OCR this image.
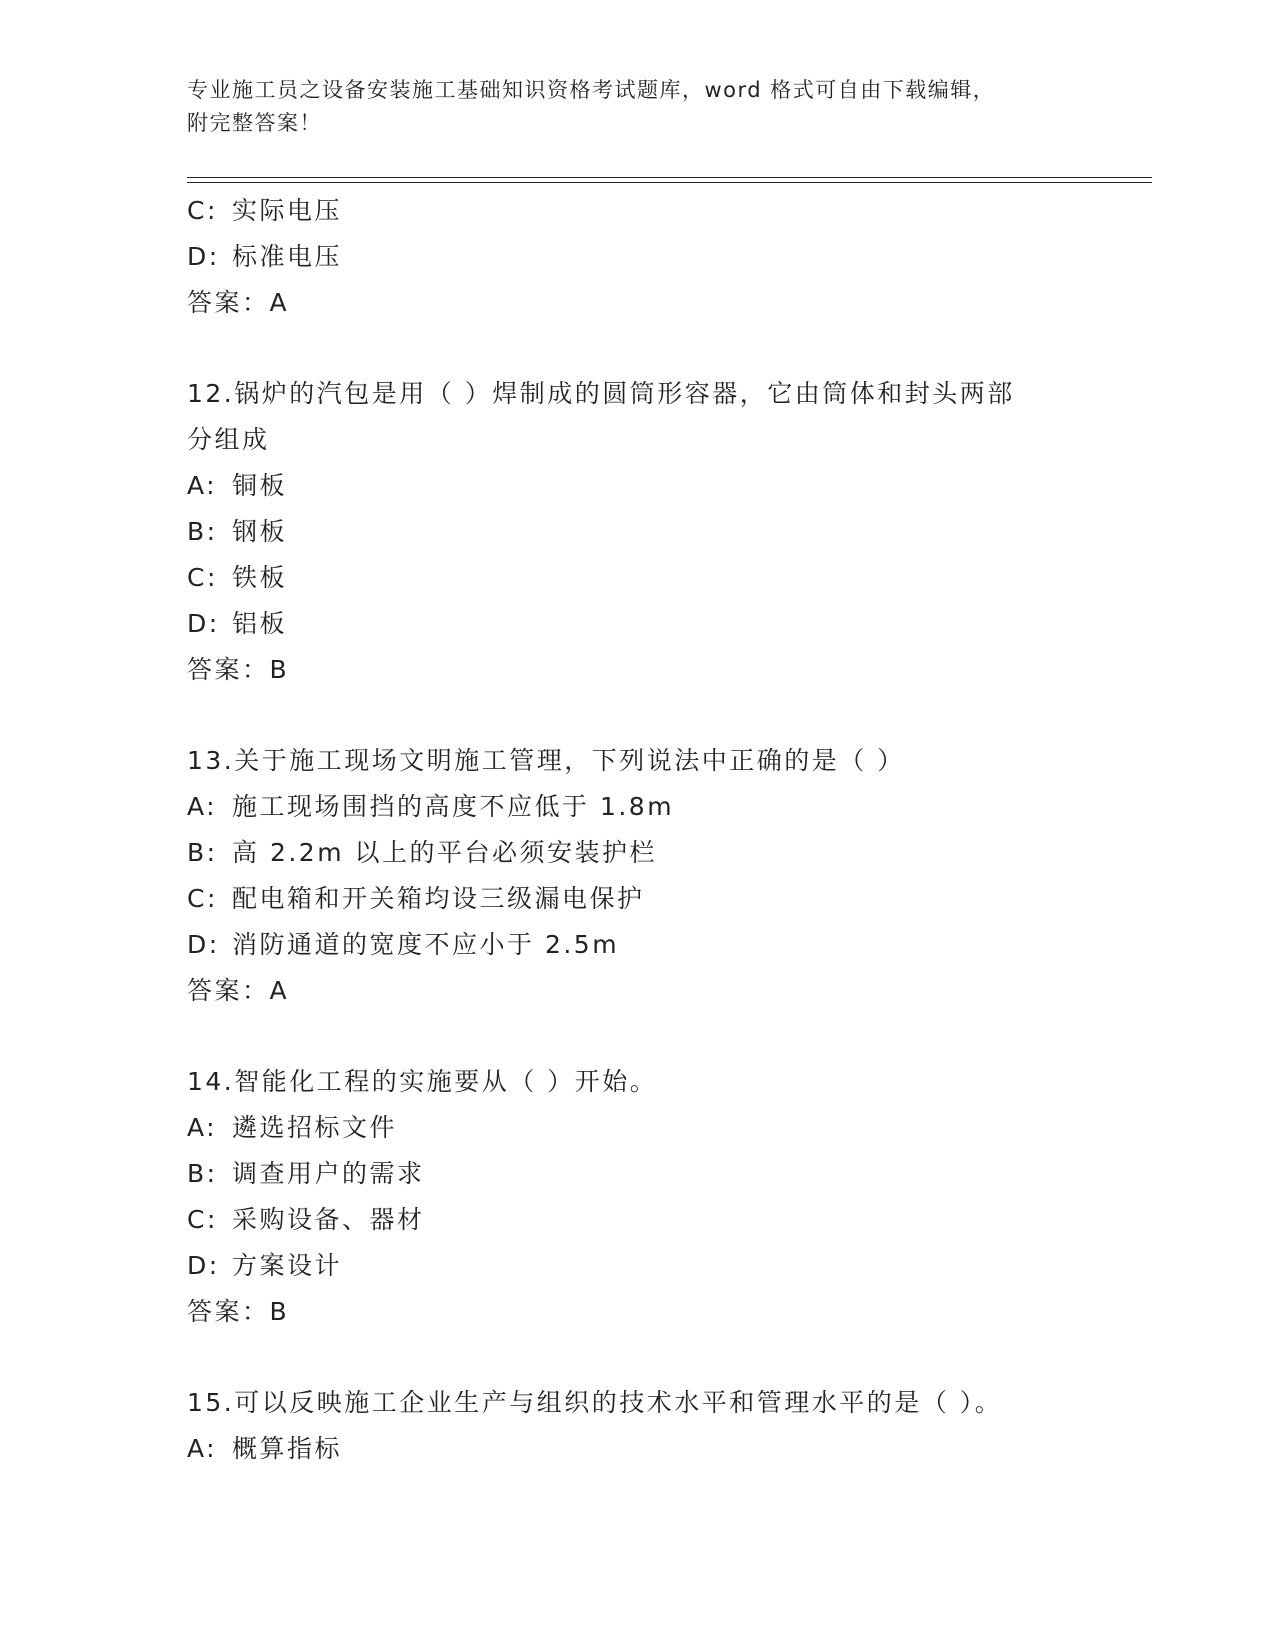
专业施工员之设备安装施工基础知识资格考试题库，word 格式可自由下载编辑，
附完整答案！
C: 实际电压
D: 标准电压
答案：A
12.锅炉的汽包是用（ ）焊制成的圆筒形容器，它由筒体和封头两部
分组成
A: 铜板
B: 钢板
C: 铁板
D: 铝板
答案：B
13.关于施工现场文明施工管理，下列说法中正确的是（ ）
A: 施工现场围挡的高度不应低于 1.8m
B: 高 2.2m 以上的平台必须安装护栏
C: 配电箱和开关箱均设三级漏电保护
D: 消防通道的宽度不应小于 2.5m
答案：A
14.智能化工程的实施要从（ ）开始。
A: 遴选招标文件
B: 调查用户的需求
C: 采购设备、器材
D: 方案设计
答案：B
15.可以反映施工企业生产与组织的技术水平和管理水平的是（ ）。
A: 概算指标
